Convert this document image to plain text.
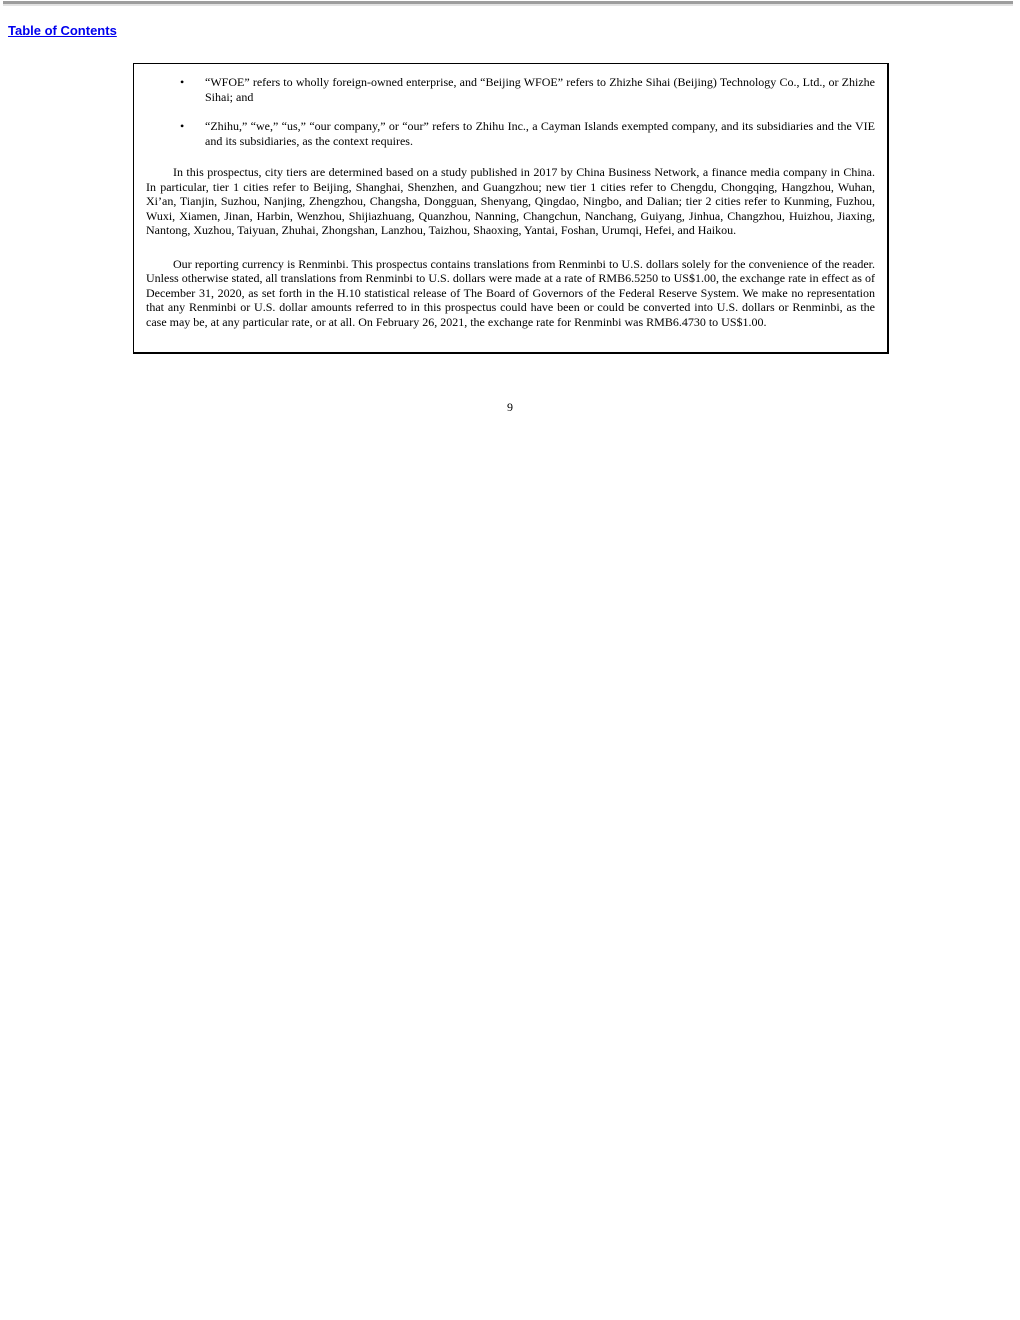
Table of Contents
•	“WFOE” refers to wholly foreign-owned enterprise, and “Beijing WFOE” refers to Zhizhe Sihai (Beijing) Technology Co., Ltd., or Zhizhe Sihai; and
•	“Zhihu,” “we,” “us,” “our company,” or “our” refers to Zhihu Inc., a Cayman Islands exempted company, and its subsidiaries and the VIE and its subsidiaries, as the context requires.

In this prospectus, city tiers are determined based on a study published in 2017 by China Business Network, a finance media company in China. In particular, tier 1 cities refer to Beijing, Shanghai, Shenzhen, and Guangzhou; new tier 1 cities refer to Chengdu, Chongqing, Hangzhou, Wuhan, Xi’an, Tianjin, Suzhou, Nanjing, Zhengzhou, Changsha, Dongguan, Shenyang, Qingdao, Ningbo, and Dalian; tier 2 cities refer to Kunming, Fuzhou, Wuxi, Xiamen, Jinan, Harbin, Wenzhou, Shijiazhuang, Quanzhou, Nanning, Changchun, Nanchang, Guiyang, Jinhua, Changzhou, Huizhou, Jiaxing, Nantong, Xuzhou, Taiyuan, Zhuhai, Zhongshan, Lanzhou, Taizhou, Shaoxing, Yantai, Foshan, Urumqi, Hefei, and Haikou.

Our reporting currency is Renminbi. This prospectus contains translations from Renminbi to U.S. dollars solely for the convenience of the reader. Unless otherwise stated, all translations from Renminbi to U.S. dollars were made at a rate of RMB6.5250 to US$1.00, the exchange rate in effect as of December 31, 2020, as set forth in the H.10 statistical release of The Board of Governors of the Federal Reserve System. We make no representation that any Renminbi or U.S. dollar amounts referred to in this prospectus could have been or could be converted into U.S. dollars or Renminbi, as the case may be, at any particular rate, or at all. On February 26, 2021, the exchange rate for Renminbi was RMB6.4730 to US$1.00.

9
